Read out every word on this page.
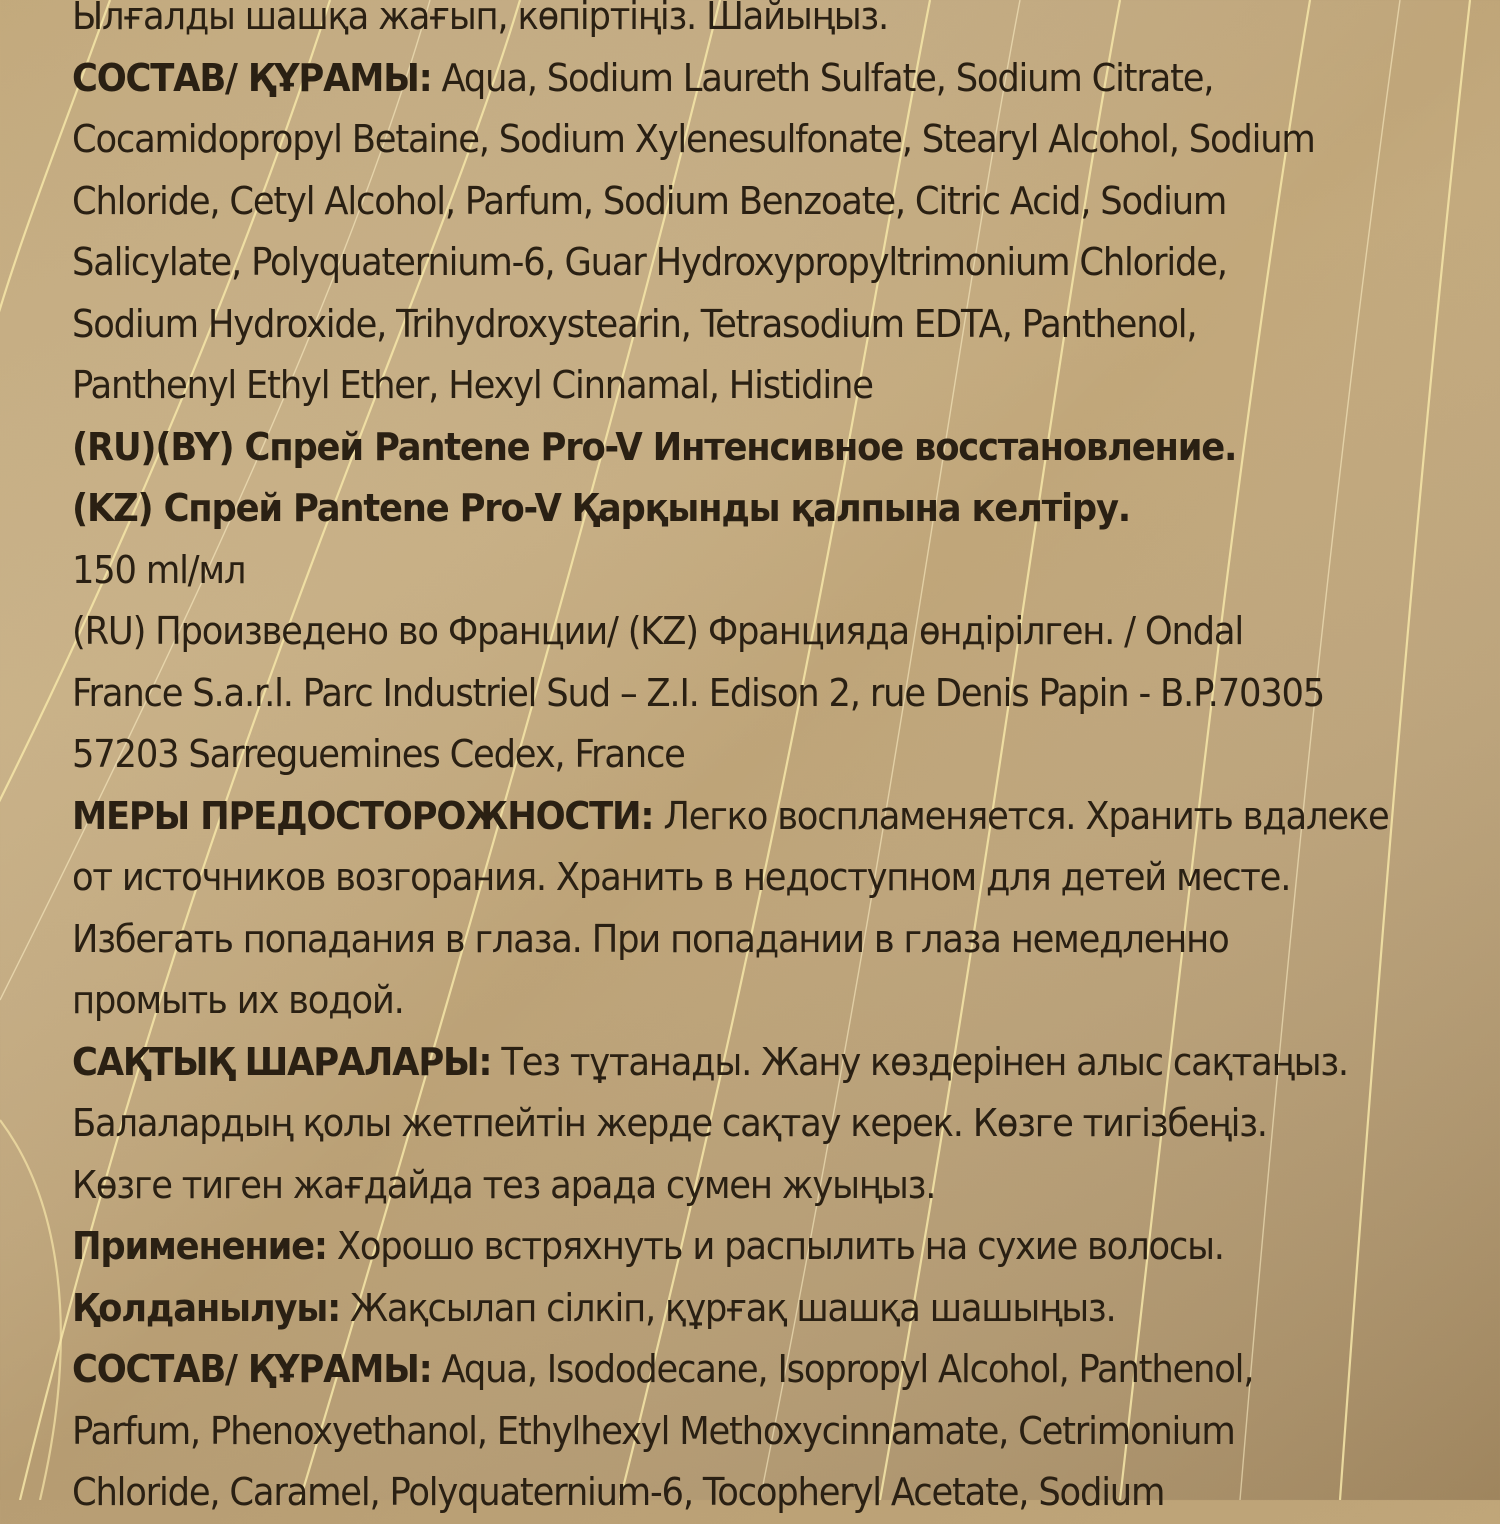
Ылғалды шашқа жағып, көпіртіңіз. Шайыңыз.
СОСТАВ/ ҚҰРАМЫ: Aqua, Sodium Laureth Sulfate, Sodium Citrate,
Cocamidopropyl Betaine, Sodium Xylenesulfonate, Stearyl Alcohol, Sodium
Chloride, Cetyl Alcohol, Parfum, Sodium Benzoate, Citric Acid, Sodium
Salicylate, Polyquaternium-6, Guar Hydroxypropyltrimonium Chloride,
Sodium Hydroxide, Trihydroxystearin, Tetrasodium EDTA, Panthenol,
Panthenyl Ethyl Ether, Hexyl Cinnamal, Histidine
(RU)(BY) Спрей Pantene Pro-V Интенсивное восстановление.
(KZ) Спрей Pantene Pro-V Қарқынды қалпына келтіру.
150 ml/мл
(RU) Произведено во Франции/ (KZ) Францияда өндірілген. / Ondal
France S.a.r.l. Parc Industriel Sud – Z.I. Edison 2, rue Denis Papin - B.P.70305
57203 Sarreguemines Cedex, France
МЕРЫ ПРЕДОСТОРОЖНОСТИ: Легко воспламеняется. Хранить вдалеке
от источников возгорания. Хранить в недоступном для детей месте.
Избегать попадания в глаза. При попадании в глаза немедленно
промыть их водой.
САҚТЫҚ ШАРАЛАРЫ: Тез тұтанады. Жану көздерінен алыс сақтаңыз.
Балалардың қолы жетпейтін жерде сақтау керек. Көзге тигізбеңіз.
Көзге тиген жағдайда тез арада сумен жуыңыз.
Применение: Хорошо встряхнуть и распылить на сухие волосы.
Қолданылуы: Жақсылап сілкіп, құрғақ шашқа шашыңыз.
СОСТАВ/ ҚҰРАМЫ: Aqua, Isododecane, Isopropyl Alcohol, Panthenol,
Parfum, Phenoxyethanol, Ethylhexyl Methoxycinnamate, Cetrimonium
Chloride, Caramel, Polyquaternium-6, Tocopheryl Acetate, Sodium
